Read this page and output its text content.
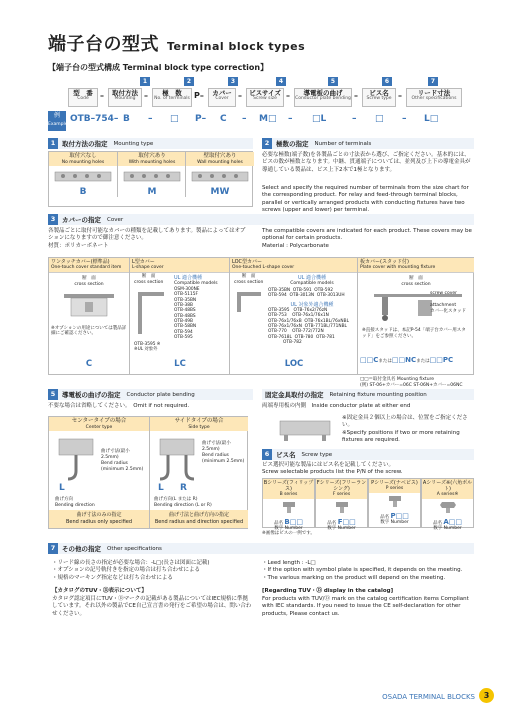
端子台の型式 Terminal block types
【端子台の型式構成 Terminal block type correction】
1	2	3	4	5	6	7
型　番
Code	–	取付方法
Mounting	–	極　数
No. of terminals P–	カバー
Cover	–	ビスサイズ
Screw size	–	導電板の曲げ
Conductor plate bending –	ビス名
Screw type –	リード寸法
Other specifications
例
Example
OTB–754– B – □ P– C – M□ – □L	– □ – L□
1	取付方法の指定 Mounting type
取付穴なし
No mounting holes
B
取付穴あり
With mounting holes
M
壁取付穴あり
Wall mounting holes
MW
2	極数の指定 Number of terminals
必要な極数(端子数)を各製品ごとの寸法表から選び、ご指定ください。基本的には、ビスの数が極数となります。中継、貫通端子については、並列及び上下の導電金具が導通している製品は、ビス上下2本で1極となります。
Select and specify the required number of terminals from the size chart for the corresponding product. For relay and feed-through terminal blocks, parallel or vertically arranged products with conducting fixtures have two screws (upper and lower) per terminal.
3	カバーの指定 Cover
各製品ごとに取付可能なカバーの種類を記載してあります。製品によってはオプションになりますので御注意ください。
材質：ポリカーボネート
The compatible covers are indicated for each product. These covers may be optional for certain products.
Material : Polycarbonate
ワンタッチカバー(標準品)
One-touch cover standard item
断　面
cross section
※オプションの用途については製品詳細にご確認ください。
C
L型カバー
L-shape cover
断　面
cross section
UL 適合機種
Compatible models
OSM-300NE
OTB-5115F
OTB-35BN
OTB-38B
OTB-48BS
OTB-48BS
OTB-49B
OTB-58BN
OTB-594
OTB-595
OTB-3595 ※
※UL 対象外
LC
LOC型カバー
One-touched L-shape cover
断　面
cross section
UL 適合機種
Compatible models
OTB-35BN  OTB-591  OTB-592
OTB-594  OTB-3013N  OTB-3013UH
UL 対象外適合機種
OTB-3595   OTB-76x2/76zN
OTB-753    OTB-76x1/76x1N
OTB-76x1/76xB  OTB-76x1BL/76xNBL
OTB-76x1/76xN  OTB-771BL/771NBL
OTB-770    OTB-772/772N
OTB-7618L  OTB-780  OTB-781
OTB-782
LOC
板カバー(スタッド付)
Plate cover with mounting fixture
断　面
cross section
screw cover
attachment
カバー化スタッド
※直接スタッドは、本記P-54「端子台カバー用スタッド」をご参照ください。
□□Cまたは□□NCまたは□□PC
□□＝取付金具名 Mounting fixture
(例) ST-06+カバー=06C ST-06N+カバー=06NC
5	導電板の曲げの指定 Conductor plate bending
不要な場合は省略してください。　 Omit if not required.
センタータイプの場合
Center type
曲げ寸法(最小2.5mm)
Bend radius (minimum 2.5mm)
L
曲げ方向
Bending direction
曲げ寸法のみの指定
Bend radius only specified
サイドタイプの場合
Side type
曲げ寸法(最小2.5mm)
Bend radius (minimum 2.5mm)
L R
曲げ方向(L または R)
Bending direction (L or R)
曲げ寸法と曲げ方向の指定
Bend radius and direction specified
固定金具取付の指定 Retaining fixture mounting position
両端専用板の内側　 Inside conductor plate at either end
※固定金具２個以上の場合は、位置をご指定ください。
※Specify positions if two or more retaining fixtures are required.
6	ビス名 Screw type
ビス選択可能な製品にはビス名を記載してください。
Screw selectable products list the P/N of the screw.
Bシリーズ(フィリップス)
B series
品名 B□□
数字 Number
Fシリーズ(フリーランシング)
F series
品名 F□□
数字 Number
Pシリーズ(ナベビス)
P series
品名 P□□
数字 Number
Aシリーズ※(六角ボルト)
A series※
品名 A□□
数字 Number
※画像はビスの一例です。
7	その他の指定 Other specifications
・リード線の長さの指定が必要な場合：-L□(長さは図面に記載)
・オプションの記号軌付きを指定の場合は打ち合わせによる
・規格のマーキング指定などは打ち合わせによる
【カタログのTUV・Ⓓ表示について】
カタログ認定項目にTUV・Ⓓマークの記載がある製品についてはIEC規格に準拠しています。それ以外の製品でCE自己宣言書の発行をご希望の場合は、問い合わせください。
・Leed length : -L□
・If the option with symbol plate is specified, it depends on the meeting.
・The various marking on the product will depend on the meeting.
[Regarding TUV・Ⓓ display in the catalog]
For products with TUV/Ⓓ mark on the catalog certification items Compliant with IEC standards. If you need to issue the CE self-declaration for other products, Please contact us.
OSADA TERMINAL BLOCKS	3
